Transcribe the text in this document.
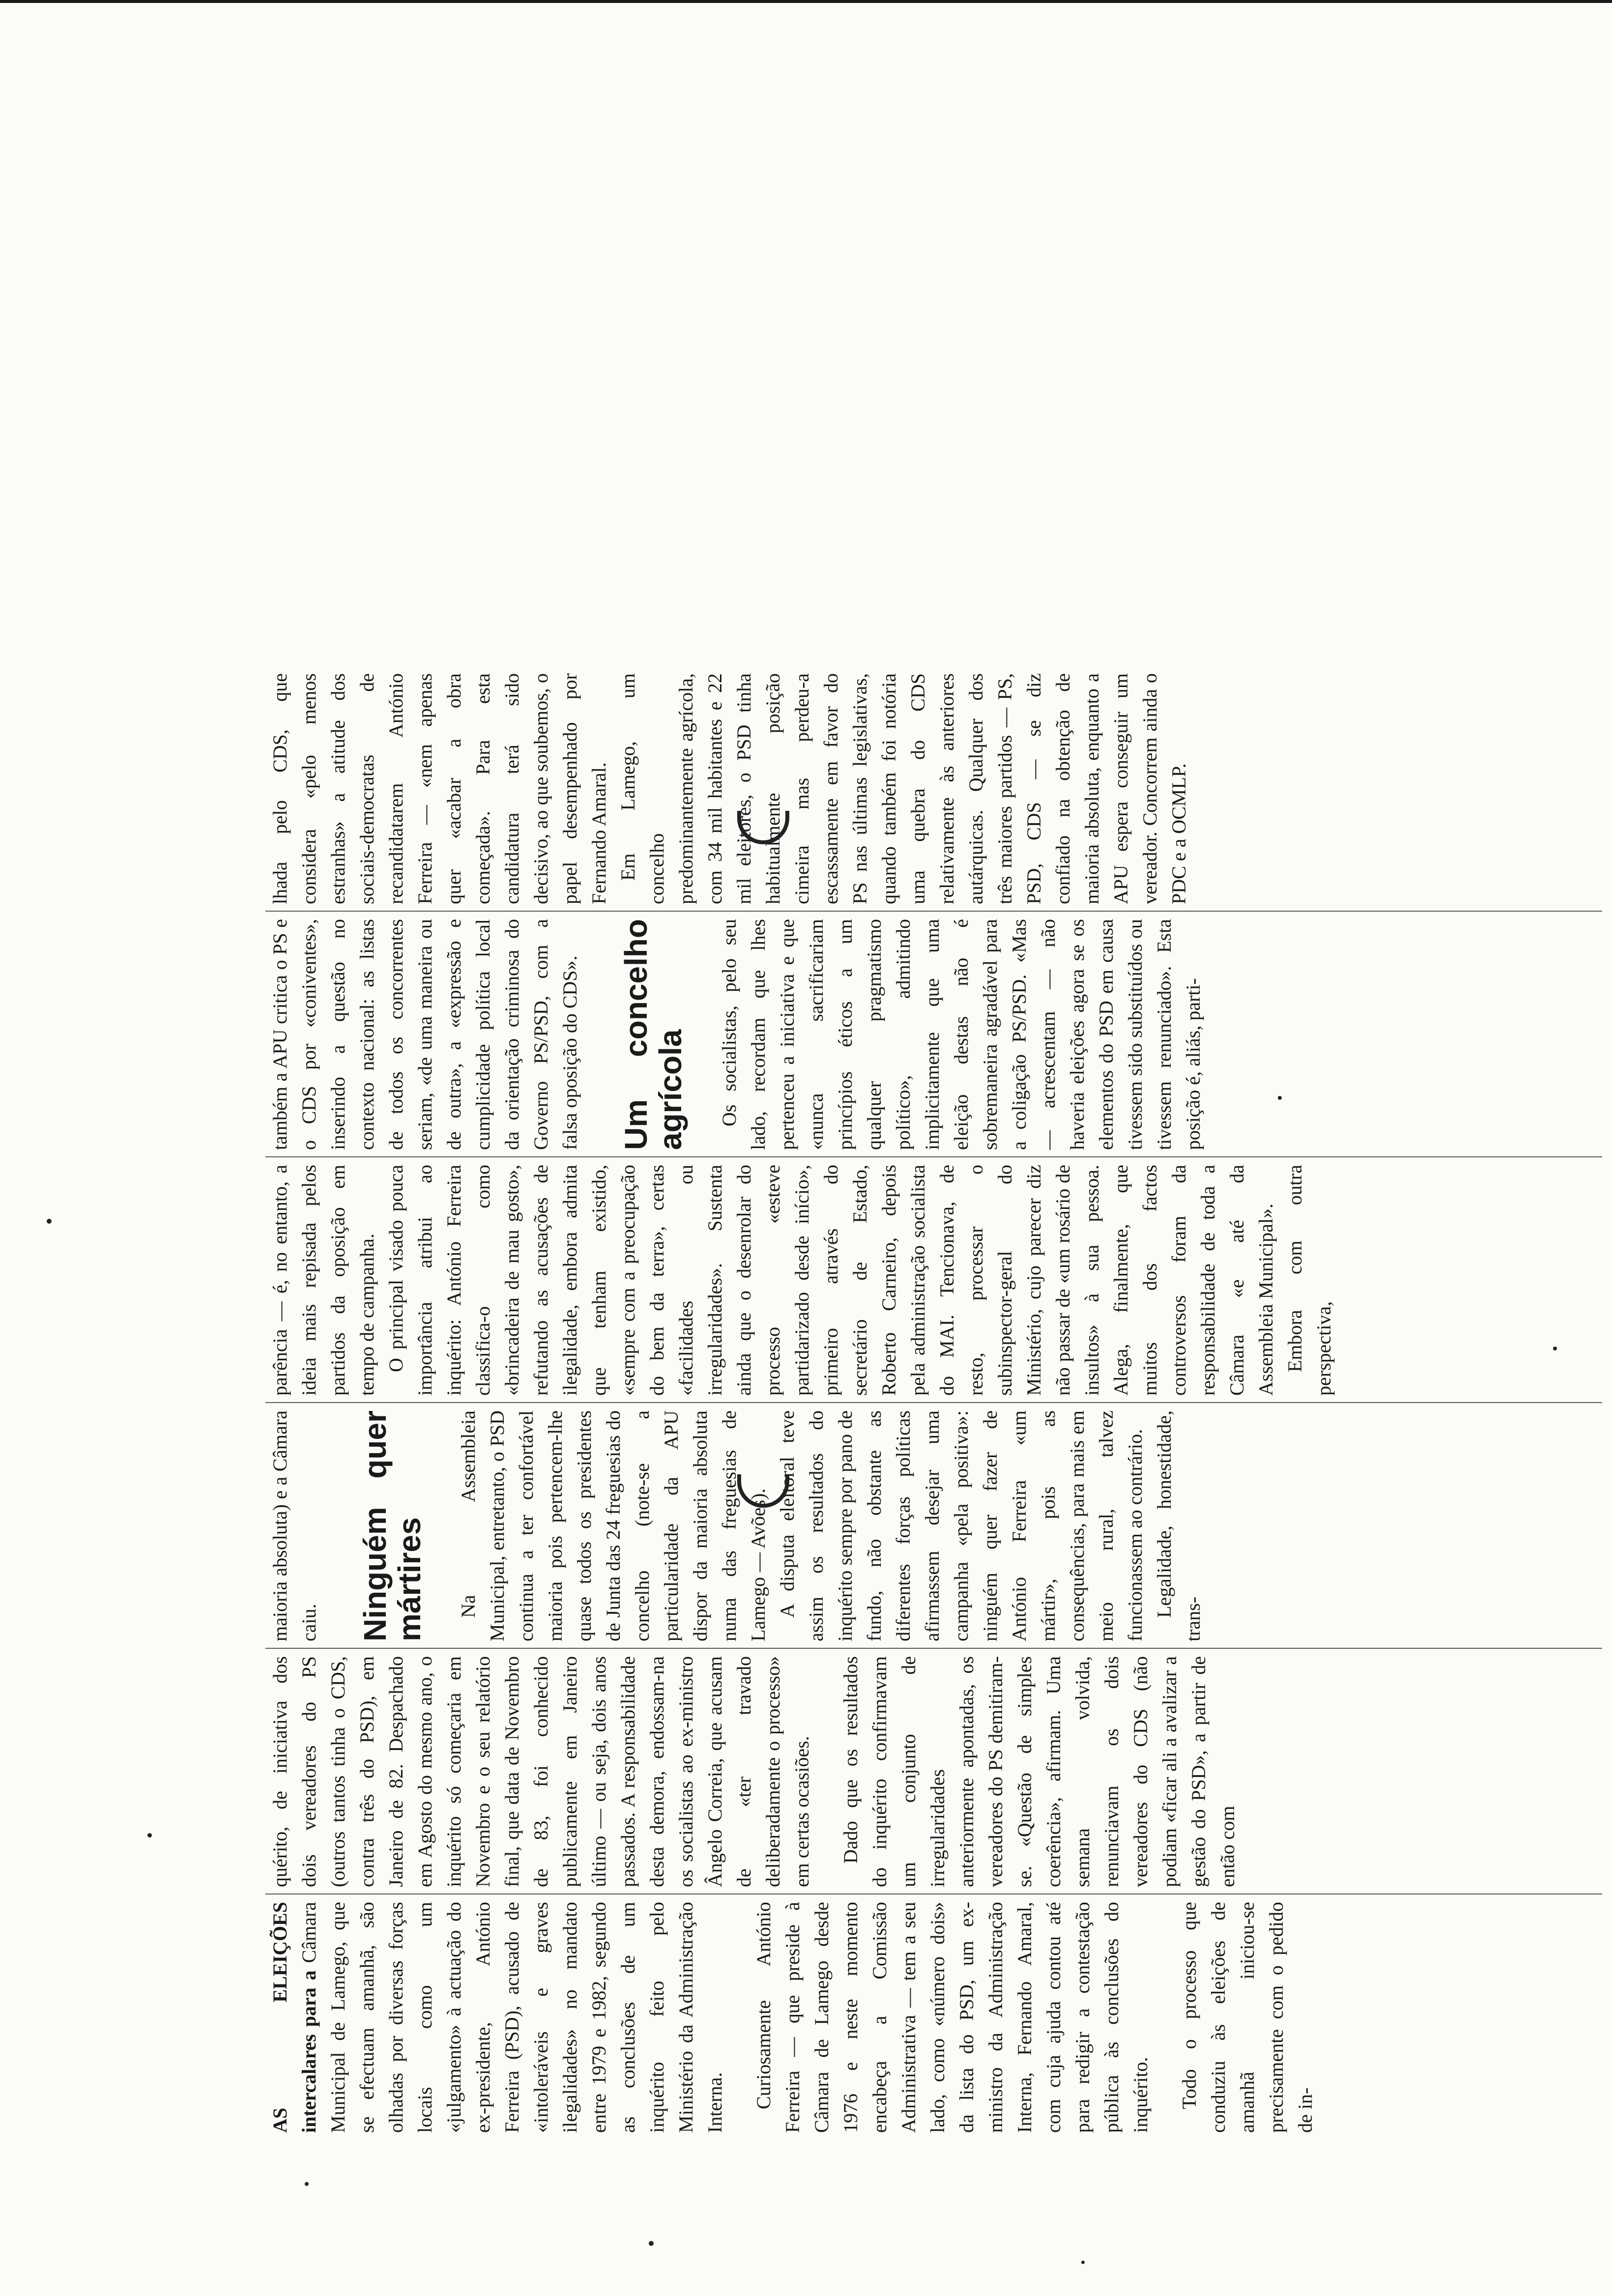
AS ELEIÇÕES intercalares para a Câmara Municipal de Lamego, que se efectuam amanhã, são olhadas por diversas forças locais como um «julgamento» à actuação do ex-presidente, António Ferreira (PSD), acusado de «intoleráveis e graves ilegalidades» no mandato entre 1979 e 1982, segundo as conclusões de um inquérito feito pelo Ministério da Administração Interna. Curiosamente António Ferreira — que preside à Câmara de Lamego desde 1976 e neste momento encabeça a Comissão Administrativa — tem a seu lado, como «número dois» da lista do PSD, um ex-ministro da Administração Interna, Fernando Amaral, com cuja ajuda contou até para redigir a contestação pública às conclusões do inquérito. Todo o processo que conduziu às eleições de amanhã iniciou-se precisamente com o pedido de in-

quérito, de iniciativa dos dois vereadores do PS (outros tantos tinha o CDS, contra três do PSD), em Janeiro de 82. Despachado em Agosto do mesmo ano, o inquérito só começaria em Novembro e o seu relatório final, que data de Novembro de 83, foi conhecido publicamente em Janeiro último — ou seja, dois anos passados. A responsabilidade desta demora, endossam-na os socialistas ao ex-ministro Ângelo Correia, que acusam de «ter travado deliberadamente o processo» em certas ocasiões. Dado que os resultados do inquérito confirmavam um conjunto de irregularidades anteriormente apontadas, os vereadores do PS demitiram-se. «Questão de simples coerência», afirmam. Uma semana volvida, renunciavam os dois vereadores do CDS (não podiam «ficar ali a avalizar a gestão do PSD», a partir de então com

maioria absoluta) e a Câmara caiu. Ninguém quer mártires Na Assembleia Municipal, entretanto, o PSD continua a ter confortável maioria pois pertencem-lhe quase todos os presidentes de Junta das 24 freguesias do concelho (note-se a particularidade da APU dispor da maioria absoluta numa das freguesias de Lamego — Avões). A disputa eleitoral teve assim os resultados do inquérito sempre por pano de fundo, não obstante as diferentes forças políticas afirmassem desejar uma campanha «pela positiva»: ninguém quer fazer de António Ferreira «um mártir», pois as consequências, para mais em meio rural, talvez funcionassem ao contrário. Legalidade, honestidade, trans-

parência — é, no entanto, a ideia mais repisada pelos partidos da oposição em tempo de campanha. O principal visado pouca importância atribui ao inquérito: António Ferreira classifica-o como «brincadeira de mau gosto», refutando as acusações de ilegalidade, embora admita que tenham existido, «sempre com a preocupação do bem da terra», certas «facilidades ou irregularidades». Sustenta ainda que o desenrolar do processo «esteve partidarizado desde início», primeiro através do secretário de Estado, Roberto Carneiro, depois pela administração socialista do MAI. Tencionava, de resto, processar o subinspector-geral do Ministério, cujo parecer diz não passar de «um rosário de insultos» à sua pessoa. Alega, finalmente, que muitos dos factos controversos foram da responsabilidade de toda a Câmara «e até da Assembleia Municipal». Embora com outra perspectiva,

também a APU critica o PS e o CDS por «coniventes», inserindo a questão no contexto nacional: as listas de todos os concorrentes seriam, «de uma maneira ou de outra», a «expressão e cumplicidade política local da orientação criminosa do Governo PS/PSD, com a falsa oposição do CDS». Um concelho agrícola Os socialistas, pelo seu lado, recordam que lhes pertenceu a iniciativa e que «nunca sacrificariam princípios éticos a um qualquer pragmatismo político», admitindo implicitamente que uma eleição destas não é sobremaneira agradável para a coligação PS/PSD. «Mas — acrescentam — não haveria eleições agora se os elementos do PSD em causa tivessem sido substituídos ou tivessem renunciado». Esta posição é, aliás, parti-

lhada pelo CDS, que considera «pelo menos estranhas» a atitude dos sociais-democratas de recandidatarem António Ferreira — «nem apenas quer «acabar a obra começada». Para esta candidatura terá sido decisivo, ao que soubemos, o papel desempenhado por Fernando Amaral. Em Lamego, um concelho predominantemente agrícola, com 34 mil habitantes e 22 mil eleitores, o PSD tinha habitualmente posição cimeira mas perdeu-a escassamente em favor do PS nas últimas legislativas, quando também foi notória uma quebra do CDS relativamente às anteriores autárquicas. Qualquer dos três maiores partidos — PS, PSD, CDS — se diz confiado na obtenção de maioria absoluta, enquanto a APU espera conseguir um vereador. Concorrem ainda o PDC e a OCMLP.
